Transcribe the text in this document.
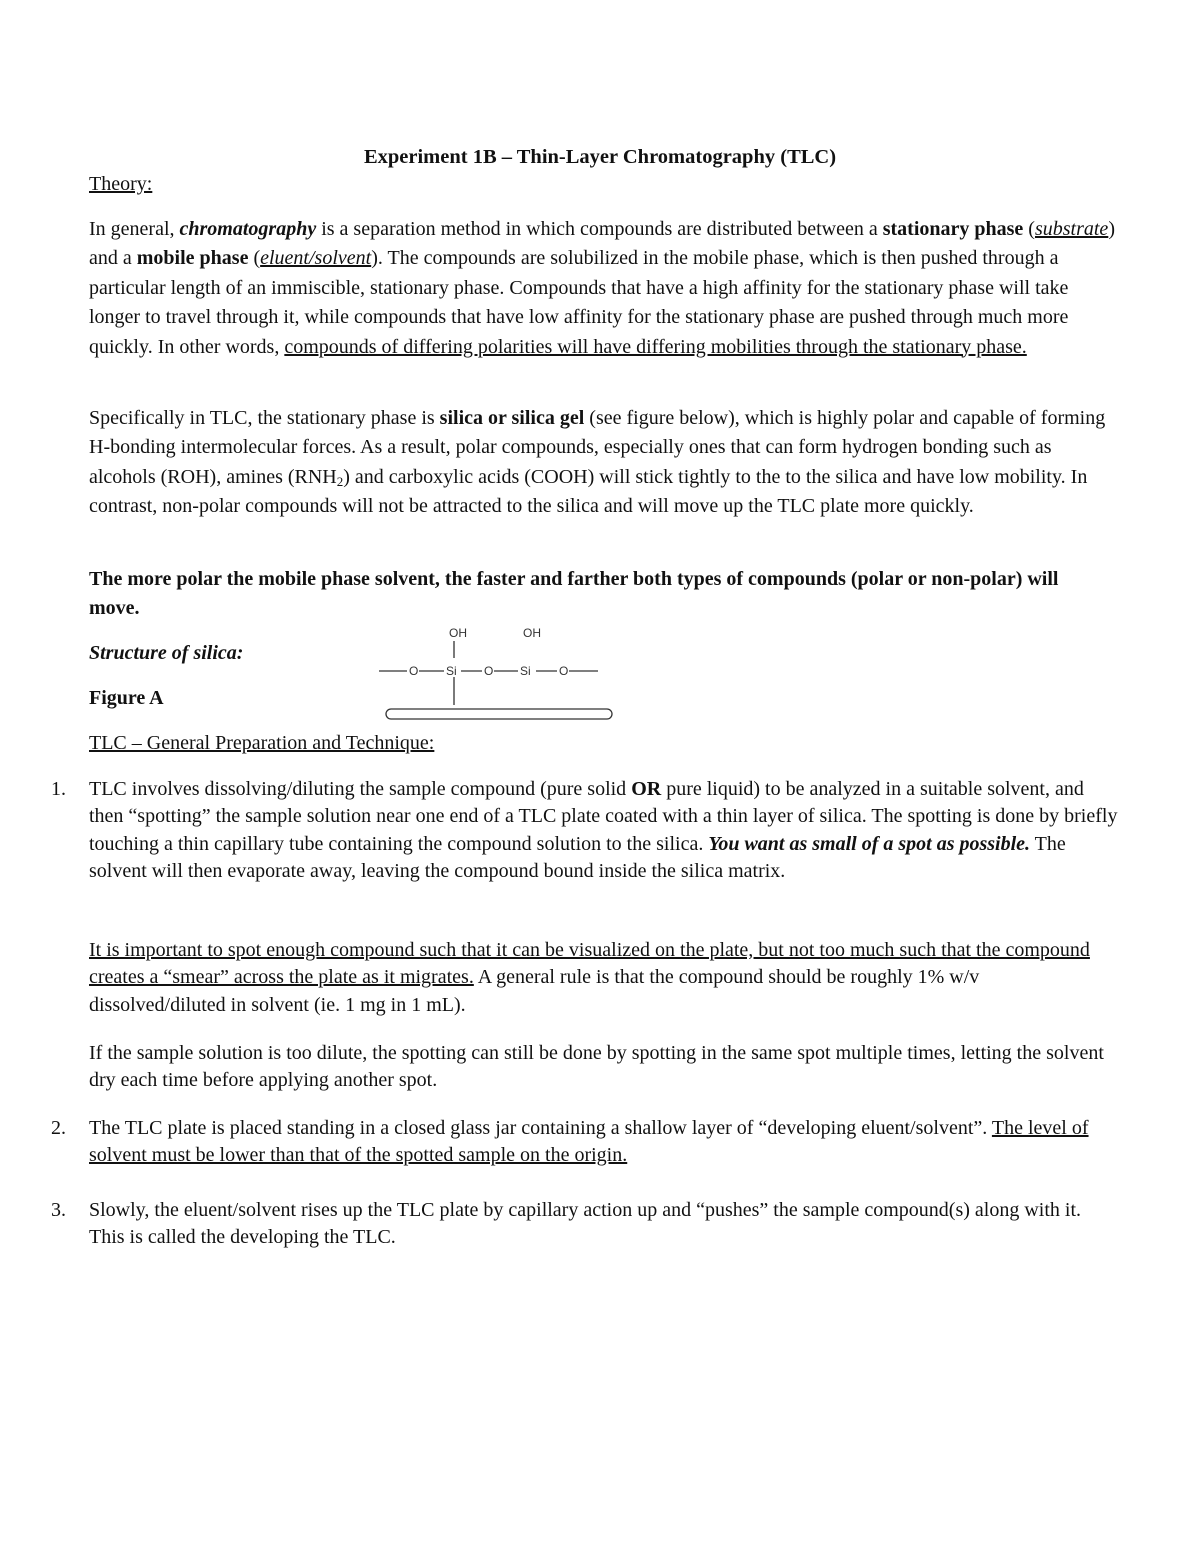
Experiment 1B – Thin-Layer Chromatography (TLC)
Theory:
In general, chromatography is a separation method in which compounds are distributed between a stationary phase (substrate) and a mobile phase (eluent/solvent). The compounds are solubilized in the mobile phase, which is then pushed through a particular length of an immiscible, stationary phase. Compounds that have a high affinity for the stationary phase will take longer to travel through it, while compounds that have low affinity for the stationary phase are pushed through much more quickly. In other words, compounds of differing polarities will have differing mobilities through the stationary phase.
Specifically in TLC, the stationary phase is silica or silica gel (see figure below), which is highly polar and capable of forming H-bonding intermolecular forces. As a result, polar compounds, especially ones that can form hydrogen bonding such as alcohols (ROH), amines $(RNH_2)$ and carboxylic acids (COOH) will stick tightly to the to the silica and have low mobility. In contrast, non-polar compounds will not be attracted to the silica and will move up the TLC plate more quickly.
The more polar the mobile phase solvent, the faster and farther both types of compounds (polar or non-polar) will move.
Structure of silica:
Figure A
OH	OH
O Si O Si O
TLC – General Preparation and Technique:
1.	TLC involves dissolving/diluting the sample compound (pure solid OR pure liquid) to be analyzed in a suitable solvent, and then “spotting” the sample solution near one end of a TLC plate coated with a thin layer of silica. The spotting is done by briefly touching a thin capillary tube containing the compound solution to the silica. You want as small of a spot as possible. The solvent will then evaporate away, leaving the compound bound inside the silica matrix.
It is important to spot enough compound such that it can be visualized on the plate, but not too much such that the compound creates a “smear” across the plate as it migrates. A general rule is that the compound should be roughly 1% w/v dissolved/diluted in solvent (ie. 1 mg in 1 mL).
If the sample solution is too dilute, the spotting can still be done by spotting in the same spot multiple times, letting the solvent dry each time before applying another spot.
2.	The TLC plate is placed standing in a closed glass jar containing a shallow layer of “developing eluent/solvent”. The level of solvent must be lower than that of the spotted sample on the origin.
3.	Slowly, the eluent/solvent rises up the TLC plate by capillary action up and “pushes” the sample compound(s) along with it. This is called the developing the TLC.
